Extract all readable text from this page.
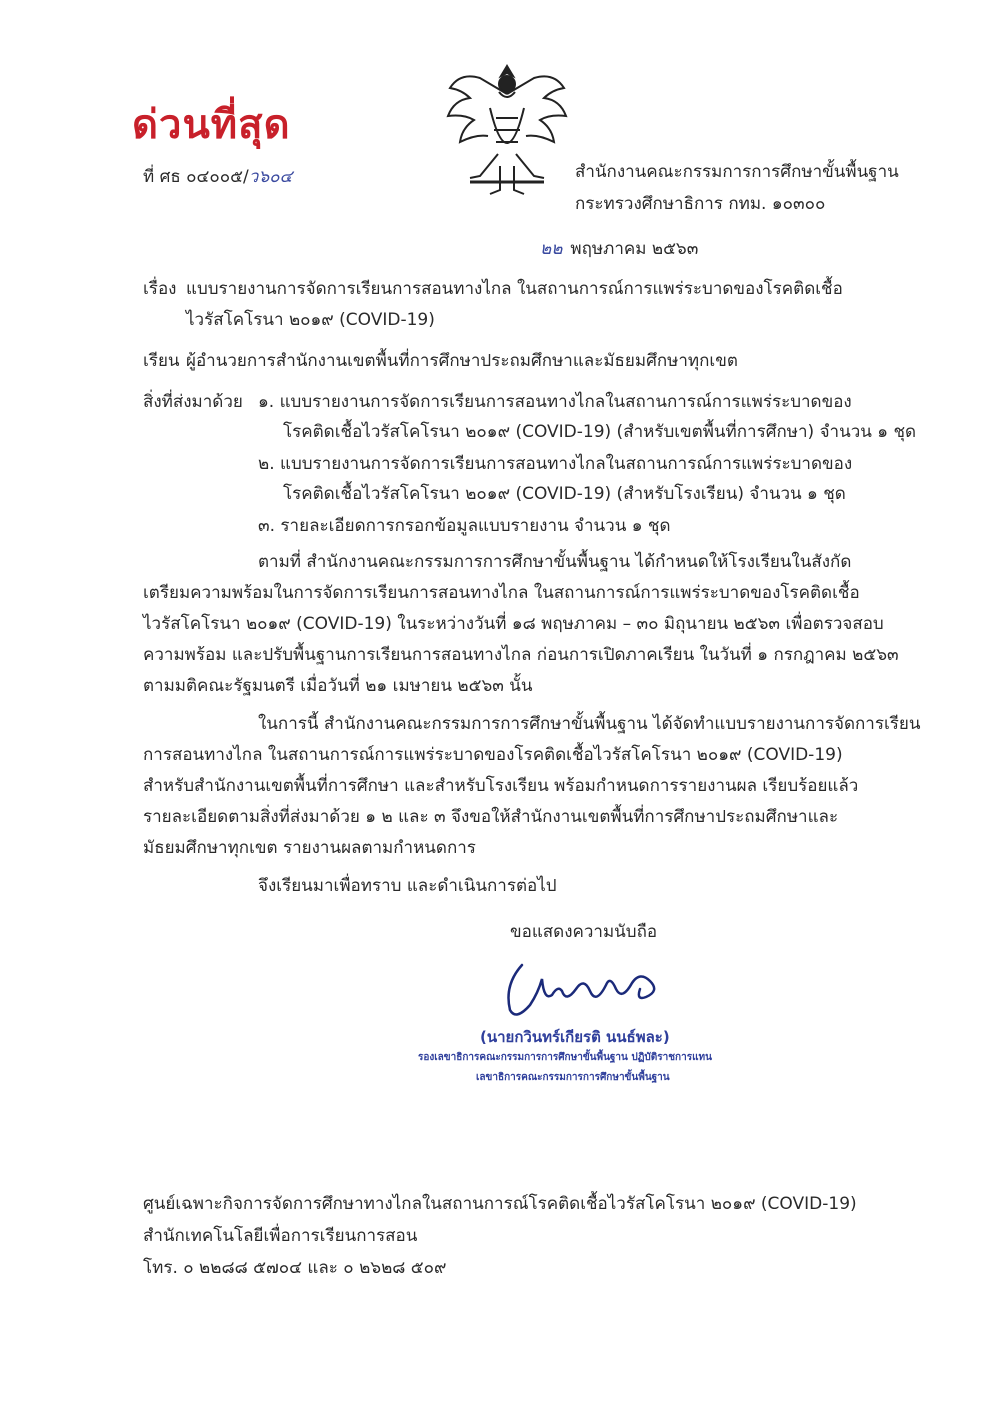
ด่วนที่สุด
ที่ ศธ ๐๔๐๐๕/ว๖๐๔	สำนักงานคณะกรรมการการศึกษาขั้นพื้นฐาน
กระทรวงศึกษาธิการ กทม. ๑๐๓๐๐
๒๒ พฤษภาคม ๒๕๖๓
เรื่อง แบบรายงานการจัดการเรียนการสอนทางไกล ในสถานการณ์การแพร่ระบาดของโรคติดเชื้อ
ไวรัสโคโรนา ๒๐๑๙ (COVID-19)
เรียน ผู้อำนวยการสำนักงานเขตพื้นที่การศึกษาประถมศึกษาและมัธยมศึกษาทุกเขต
สิ่งที่ส่งมาด้วย ๑. แบบรายงานการจัดการเรียนการสอนทางไกลในสถานการณ์การแพร่ระบาดของ
โรคติดเชื้อไวรัสโคโรนา ๒๐๑๙ (COVID-19) (สำหรับเขตพื้นที่การศึกษา) จำนวน ๑ ชุด
๒. แบบรายงานการจัดการเรียนการสอนทางไกลในสถานการณ์การแพร่ระบาดของ
โรคติดเชื้อไวรัสโคโรนา ๒๐๑๙ (COVID-19) (สำหรับโรงเรียน) จำนวน ๑ ชุด
๓. รายละเอียดการกรอกข้อมูลแบบรายงาน จำนวน ๑ ชุด
ตามที่ สำนักงานคณะกรรมการการศึกษาขั้นพื้นฐาน ได้กำหนดให้โรงเรียนในสังกัด
เตรียมความพร้อมในการจัดการเรียนการสอนทางไกล ในสถานการณ์การแพร่ระบาดของโรคติดเชื้อ
ไวรัสโคโรนา ๒๐๑๙ (COVID-19) ในระหว่างวันที่ ๑๘ พฤษภาคม – ๓๐ มิถุนายน ๒๕๖๓ เพื่อตรวจสอบ
ความพร้อม และปรับพื้นฐานการเรียนการสอนทางไกล ก่อนการเปิดภาคเรียน ในวันที่ ๑ กรกฎาคม ๒๕๖๓
ตามมติคณะรัฐมนตรี เมื่อวันที่ ๒๑ เมษายน ๒๕๖๓ นั้น
ในการนี้ สำนักงานคณะกรรมการการศึกษาขั้นพื้นฐาน ได้จัดทำแบบรายงานการจัดการเรียน
การสอนทางไกล ในสถานการณ์การแพร่ระบาดของโรคติดเชื้อไวรัสโคโรนา ๒๐๑๙ (COVID-19)
สำหรับสำนักงานเขตพื้นที่การศึกษา และสำหรับโรงเรียน พร้อมกำหนดการรายงานผล เรียบร้อยแล้ว
รายละเอียดตามสิ่งที่ส่งมาด้วย ๑ ๒ และ ๓ จึงขอให้สำนักงานเขตพื้นที่การศึกษาประถมศึกษาและ
มัธยมศึกษาทุกเขต รายงานผลตามกำหนดการ
จึงเรียนมาเพื่อทราบ และดำเนินการต่อไป
ขอแสดงความนับถือ
(นายกวินทร์เกียรติ นนธ์พละ)
รองเลขาธิการคณะกรรมการการศึกษาขั้นพื้นฐาน ปฏิบัติราชการแทน
เลขาธิการคณะกรรมการการศึกษาขั้นพื้นฐาน
ศูนย์เฉพาะกิจการจัดการศึกษาทางไกลในสถานการณ์โรคติดเชื้อไวรัสโคโรนา ๒๐๑๙ (COVID-19)
สำนักเทคโนโลยีเพื่อการเรียนการสอน
โทร. ๐ ๒๒๘๘ ๕๗๐๔ และ ๐ ๒๖๒๘ ๕๐๙
